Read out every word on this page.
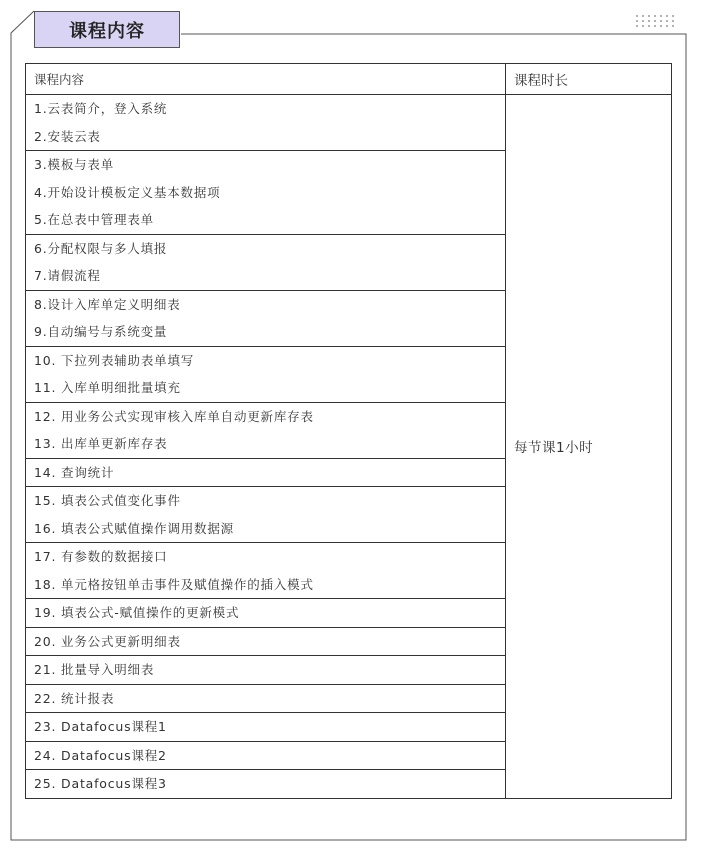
课程内容
课程内容	课程时长

1.云表简介，登入系统
2.安装云表	每节课1小时

3.模板与表单
4.开始设计模板定义基本数据项
5.在总表中管理表单	

6.分配权限与多人填报
7.请假流程	

8.设计入库单定义明细表
9.自动编号与系统变量	

10. 下拉列表辅助表单填写
11. 入库单明细批量填充	

12. 用业务公式实现审核入库单自动更新库存表
13. 出库单更新库存表	

14. 查询统计	

15. 填表公式值变化事件
16. 填表公式赋值操作调用数据源	

17. 有参数的数据接口
18. 单元格按钮单击事件及赋值操作的插入模式	

19. 填表公式-赋值操作的更新模式	

20. 业务公式更新明细表	

21. 批量导入明细表	

22. 统计报表	

23. Datafocus课程1	

24. Datafocus课程2	

25. Datafocus课程3	
